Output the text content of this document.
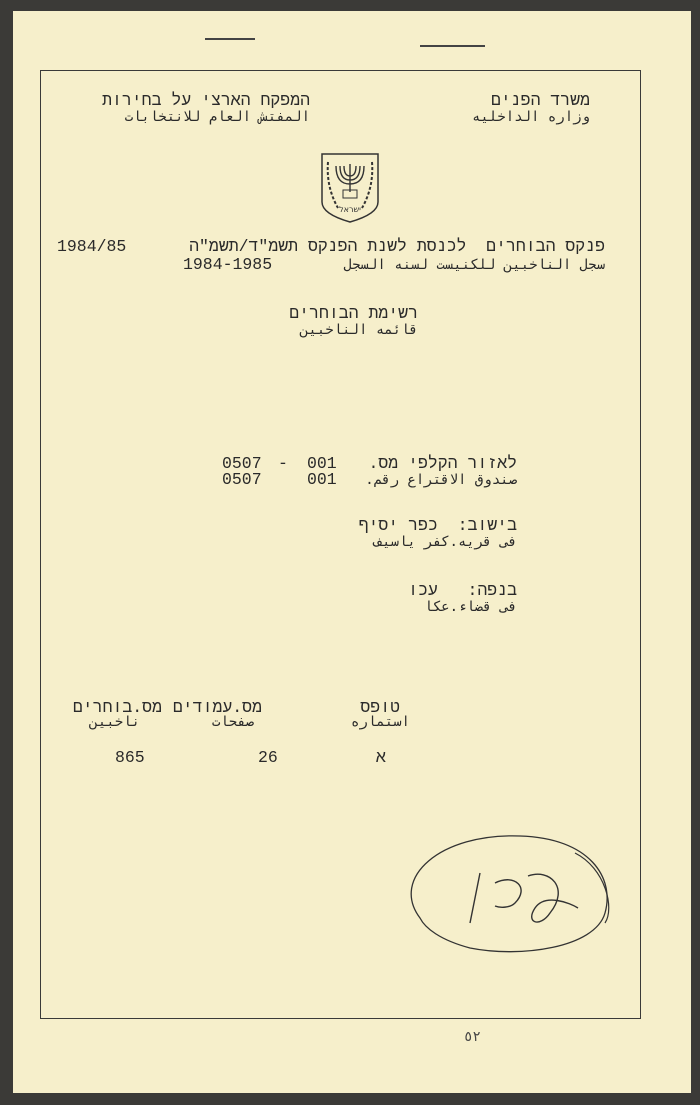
משרד הפנים
وزاره الداخليه
המפקח הארצי על בחירות
المفتش العام للانتخابات
ישראל
פנקס הבוחרים  לכנסת לשנת הפנקס תשמ"ד/תשמ"ה
1984/85
سجل الناخبين للكنيست لسنه السجل
1984-1985
רשימת הבוחרים
قائمه الناخبين
לאזור הקלפי מס.
صندوق الاقتراع رقم.
001
001
-
0507
0507
בישוב:  כפר יסיף
فى قريه.كفر ياسيف
בנפה:   עכו
فى قضاء.عكا
טופס
استماره
א
מס.עמודים
صفحات
26
מס.בוחרים
ناخبين
865
٥٢
